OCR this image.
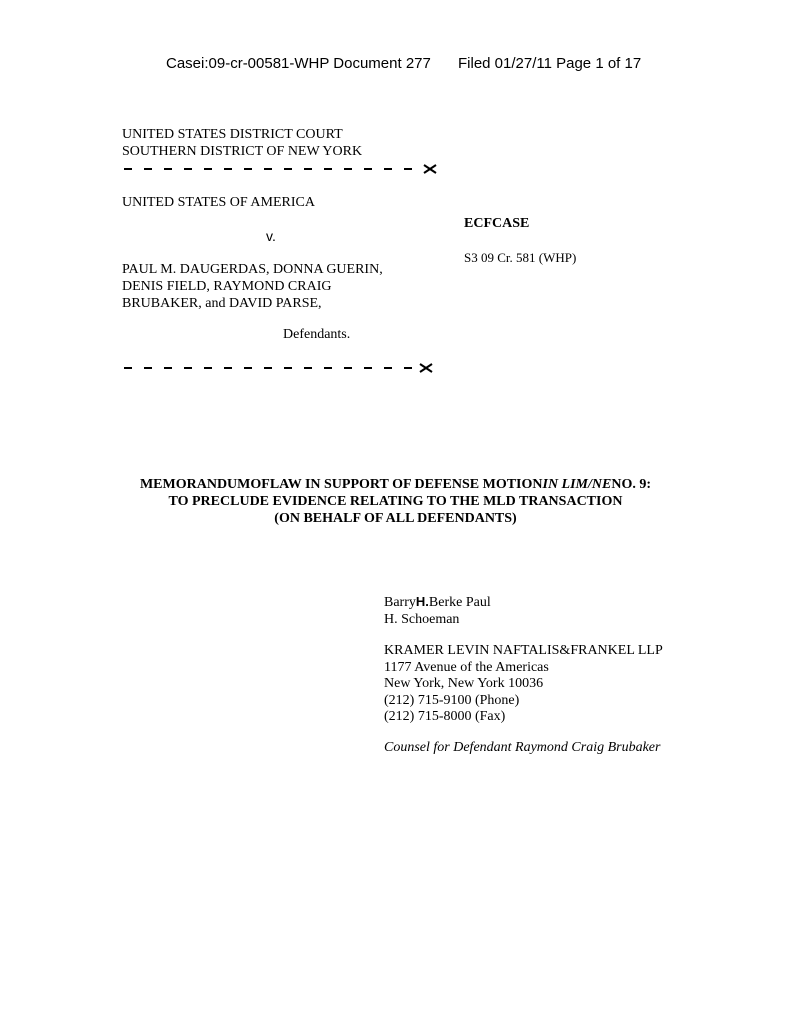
Casei:09-cr-00581-WHP Document 277 Filed 01/27/11 Page 1 of 17
UNITED STATES DISTRICT COURT
SOUTHERN DISTRICT OF NEW YORK
UNITED STATES OF AMERICA
v.
PAUL M. DAUGERDAS, DONNA GUERIN,
DENIS FIELD, RAYMOND CRAIG
BRUBAKER, and DAVID PARSE,
Defendants.
ECFCASE
S3 09 Cr. 581 (WHP)
MEMORANDUMOFLAW IN SUPPORT OF DEFENSE MOTIONIN LIM/NENO. 9:
TO PRECLUDE EVIDENCE RELATING TO THE MLD TRANSACTION
(ON BEHALF OF ALL DEFENDANTS)
BarryH.Berke Paul
H. Schoeman
KRAMER LEVIN NAFTALIS&FRANKEL LLP
1177 Avenue of the Americas
New York, New York 10036
(212) 715-9100 (Phone)
(212) 715-8000 (Fax)
Counsel for Defendant Raymond Craig Brubaker
